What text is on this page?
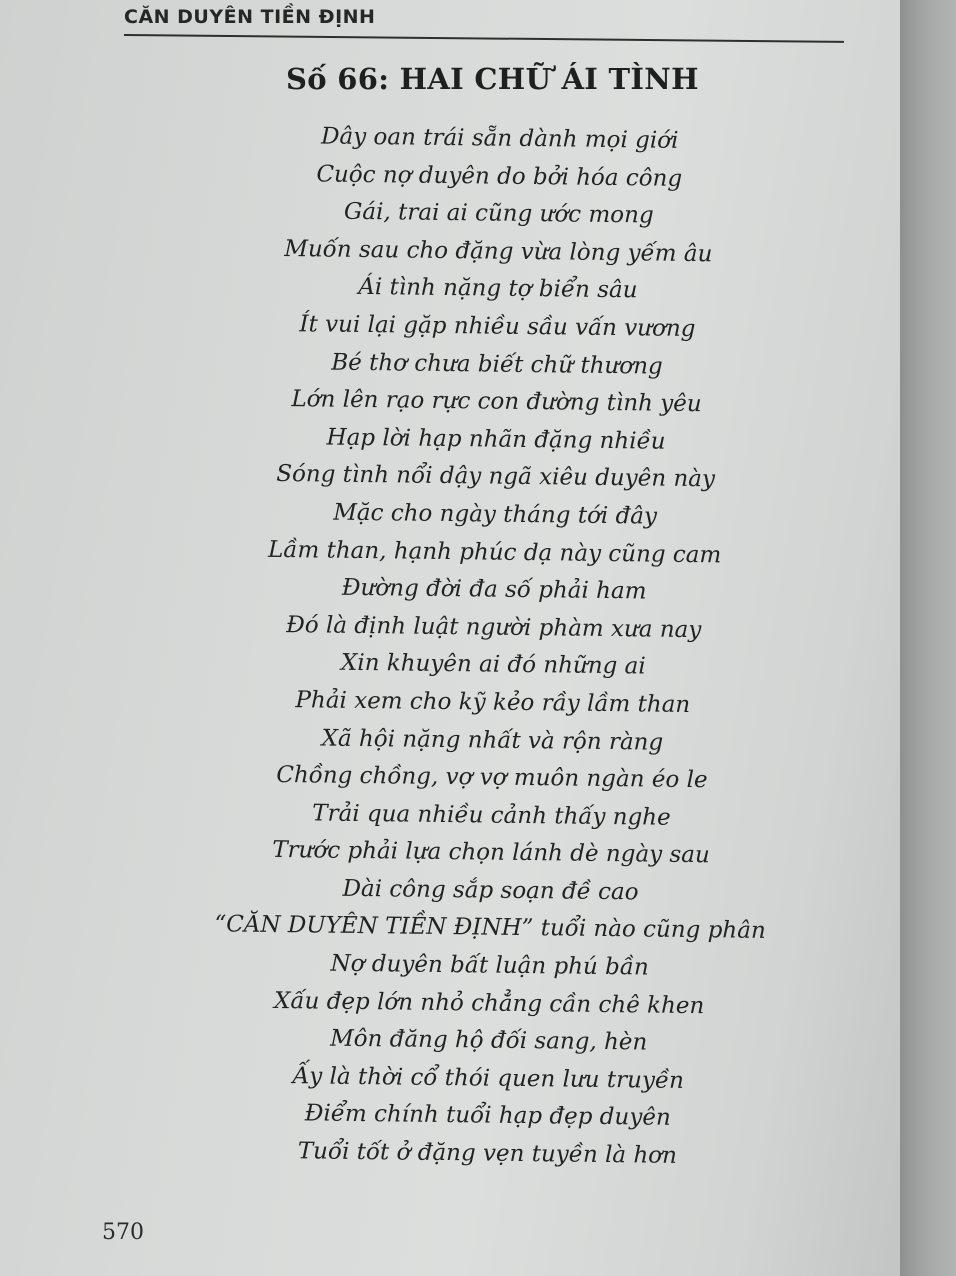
CĂN DUYÊN TIỀN ĐỊNH
Số 66: HAI CHỮ ÁI TÌNH
Dây oan trái sẵn dành mọi giới
Cuộc nợ duyên do bởi hóa công
Gái, trai ai cũng ước mong
Muốn sau cho đặng vừa lòng yếm âu
Ái tình nặng tợ biển sâu
Ít vui lại gặp nhiều sầu vấn vương
Bé thơ chưa biết chữ thương
Lớn lên rạo rực con đường tình yêu
Hạp lời hạp nhãn đặng nhiều
Sóng tình nổi dậy ngã xiêu duyên này
Mặc cho ngày tháng tới đây
Lầm than, hạnh phúc dạ này cũng cam
Đường đời đa số phải ham
Đó là định luật người phàm xưa nay
Xin khuyên ai đó những ai
Phải xem cho kỹ kẻo rầy lầm than
Xã hội nặng nhất và rộn ràng
Chồng chồng, vợ vợ muôn ngàn éo le
Trải qua nhiều cảnh thấy nghe
Trước phải lựa chọn lánh dè ngày sau
Dài công sắp soạn đề cao
“CĂN DUYÊN TIỀN ĐỊNH” tuổi nào cũng phân
Nợ duyên bất luận phú bần
Xấu đẹp lớn nhỏ chẳng cần chê khen
Môn đăng hộ đối sang, hèn
Ấy là thời cổ thói quen lưu truyền
Điểm chính tuổi hạp đẹp duyên
Tuổi tốt ở đặng vẹn tuyền là hơn
570
